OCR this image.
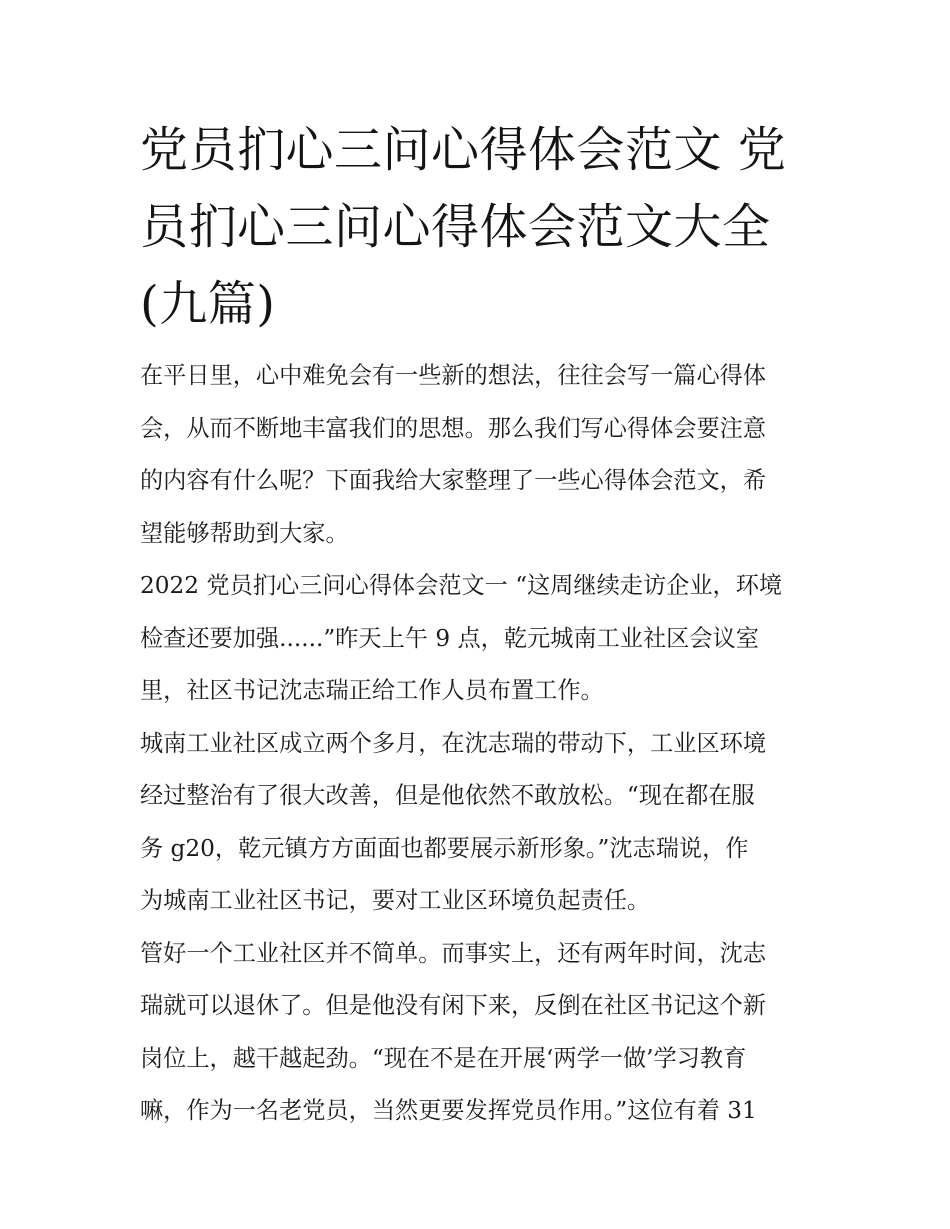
党员扪心三问心得体会范文 党
员扪心三问心得体会范文大全
(九篇)

在平日里，心中难免会有一些新的想法，往往会写一篇心得体
会，从而不断地丰富我们的思想。那么我们写心得体会要注意
的内容有什么呢？下面我给大家整理了一些心得体会范文，希
望能够帮助到大家。

2022 党员扪心三问心得体会范文一 “这周继续走访企业，环境
检查还要加强......”昨天上午 9 点，乾元城南工业社区会议室
里，社区书记沈志瑞正给工作人员布置工作。

城南工业社区成立两个多月，在沈志瑞的带动下，工业区环境
经过整治有了很大改善，但是他依然不敢放松。“现在都在服
务 g20，乾元镇方方面面也都要展示新形象。”沈志瑞说，作
为城南工业社区书记，要对工业区环境负起责任。

管好一个工业社区并不简单。而事实上，还有两年时间，沈志
瑞就可以退休了。但是他没有闲下来，反倒在社区书记这个新
岗位上，越干越起劲。“现在不是在开展‘两学一做’学习教育
嘛，作为一名老党员，当然更要发挥党员作用。”这位有着 31
